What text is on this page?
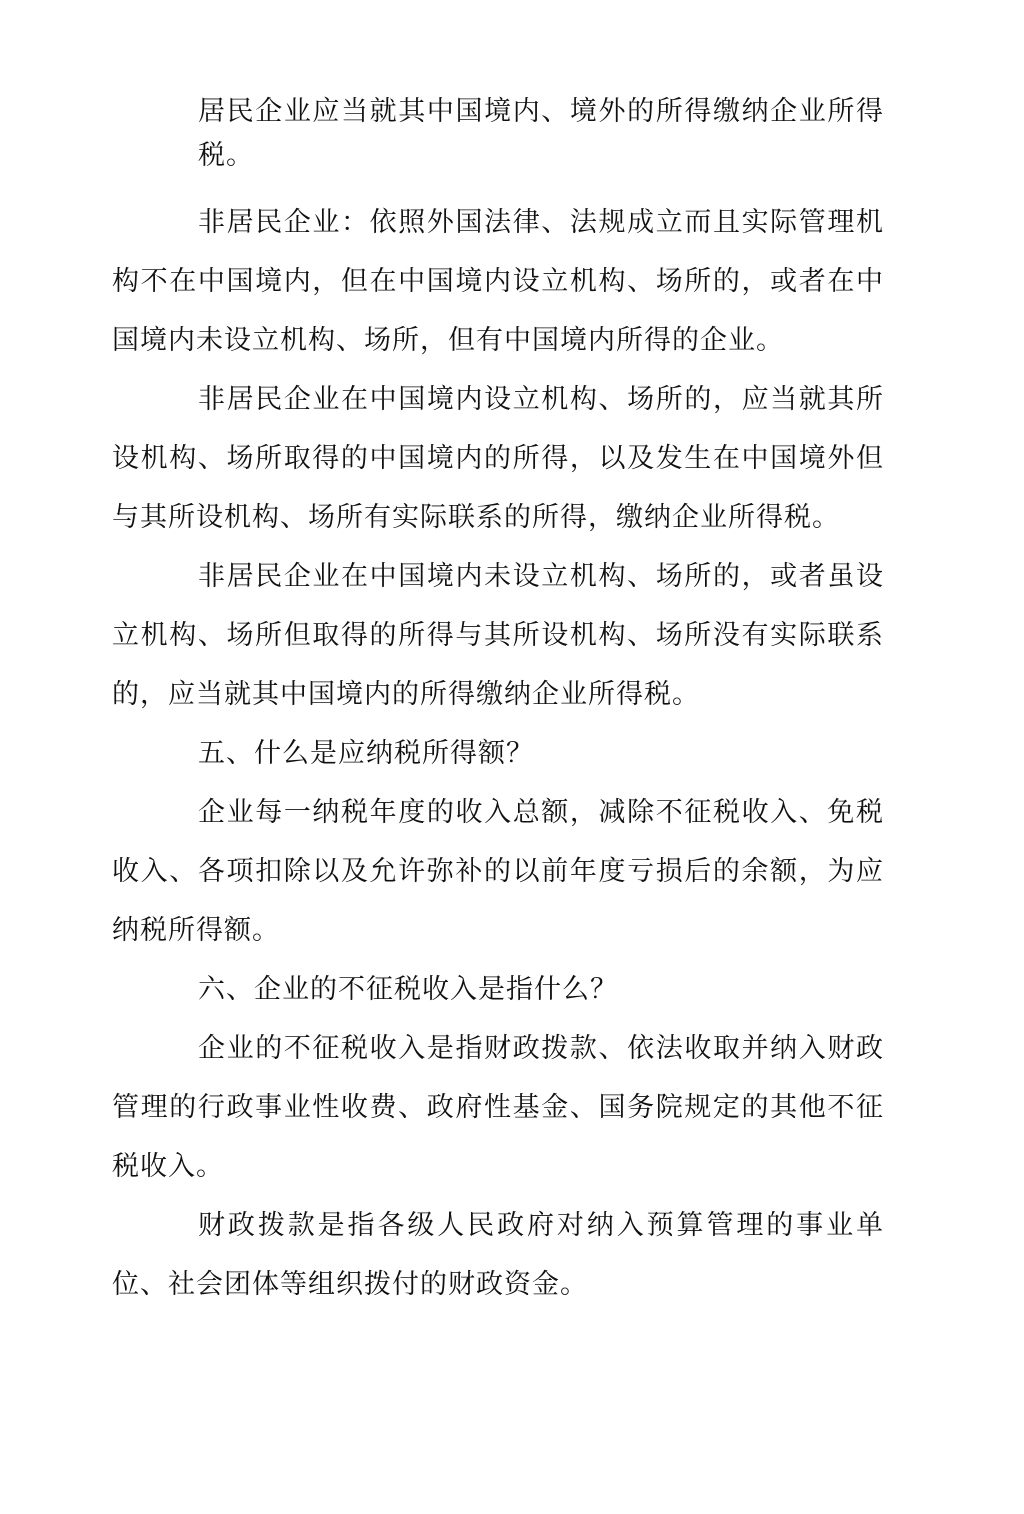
居民企业应当就其中国境内、境外的所得缴纳企业所得税。

非居民企业：依照外国法律、法规成立而且实际管理机构不在中国境内，但在中国境内设立机构、场所的，或者在中国境内未设立机构、场所，但有中国境内所得的企业。

非居民企业在中国境内设立机构、场所的，应当就其所设机构、场所取得的中国境内的所得，以及发生在中国境外但与其所设机构、场所有实际联系的所得，缴纳企业所得税。

非居民企业在中国境内未设立机构、场所的，或者虽设立机构、场所但取得的所得与其所设机构、场所没有实际联系的，应当就其中国境内的所得缴纳企业所得税。

五、什么是应纳税所得额？

企业每一纳税年度的收入总额，减除不征税收入、免税收入、各项扣除以及允许弥补的以前年度亏损后的余额，为应纳税所得额。

六、企业的不征税收入是指什么？

企业的不征税收入是指财政拨款、依法收取并纳入财政管理的行政事业性收费、政府性基金、国务院规定的其他不征税收入。

财政拨款是指各级人民政府对纳入预算管理的事业单位、社会团体等组织拨付的财政资金。
